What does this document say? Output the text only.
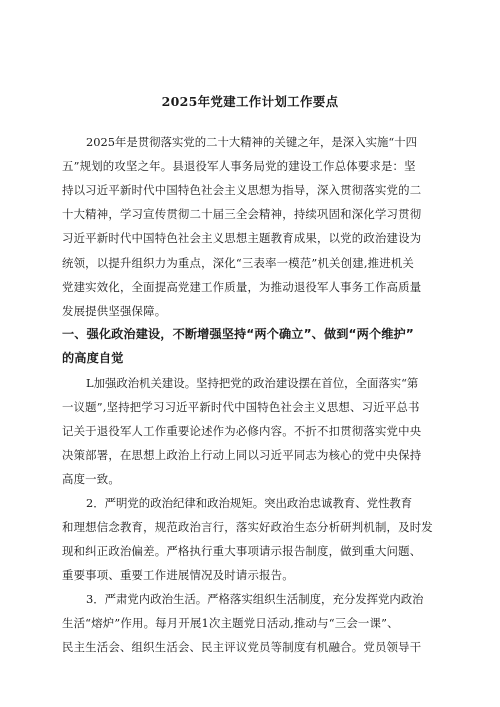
2025年党建工作计划工作要点
2025年是贯彻落实党的二十大精神的关键之年，是深入实施“十四
五”规划的攻坚之年。县退役军人事务局党的建设工作总体要求是：坚
持以习近平新时代中国特色社会主义思想为指导，深入贯彻落实党的二
十大精神，学习宣传贯彻二十届三全会精神，持续巩固和深化学习贯彻
习近平新时代中国特色社会主义思想主题教育成果，以党的政治建设为
统领，以提升组织力为重点，深化“三表率一模范”机关创建,推进机关
党建实效化，全面提高党建工作质量，为推动退役军人事务工作高质量
发展提供坚强保障。
一、强化政治建设，不断增强坚持“两个确立”、做到“两个维护”
的高度自觉
L加强政治机关建设。坚持把党的政治建设摆在首位，全面落实“第
一议题”,坚持把学习习近平新时代中国特色社会主义思想、习近平总书
记关于退役军人工作重要论述作为必修内容。不折不扣贯彻落实党中央
决策部署，在思想上政治上行动上同以习近平同志为核心的党中央保持
高度一致。
2．严明党的政治纪律和政治规矩。突出政治忠诚教育、党性教育
和理想信念教育，规范政治言行，落实好政治生态分析研判机制，及时发
现和纠正政治偏差。严格执行重大事项请示报告制度，做到重大问题、
重要事项、重要工作进展情况及时请示报告。
3．严肃党内政治生活。严格落实组织生活制度，充分发挥党内政治
生活“熔炉”作用。每月开展1次主题党日活动,推动与“三会一课”、
民主生活会、组织生活会、民主评议党员等制度有机融合。党员领导干
